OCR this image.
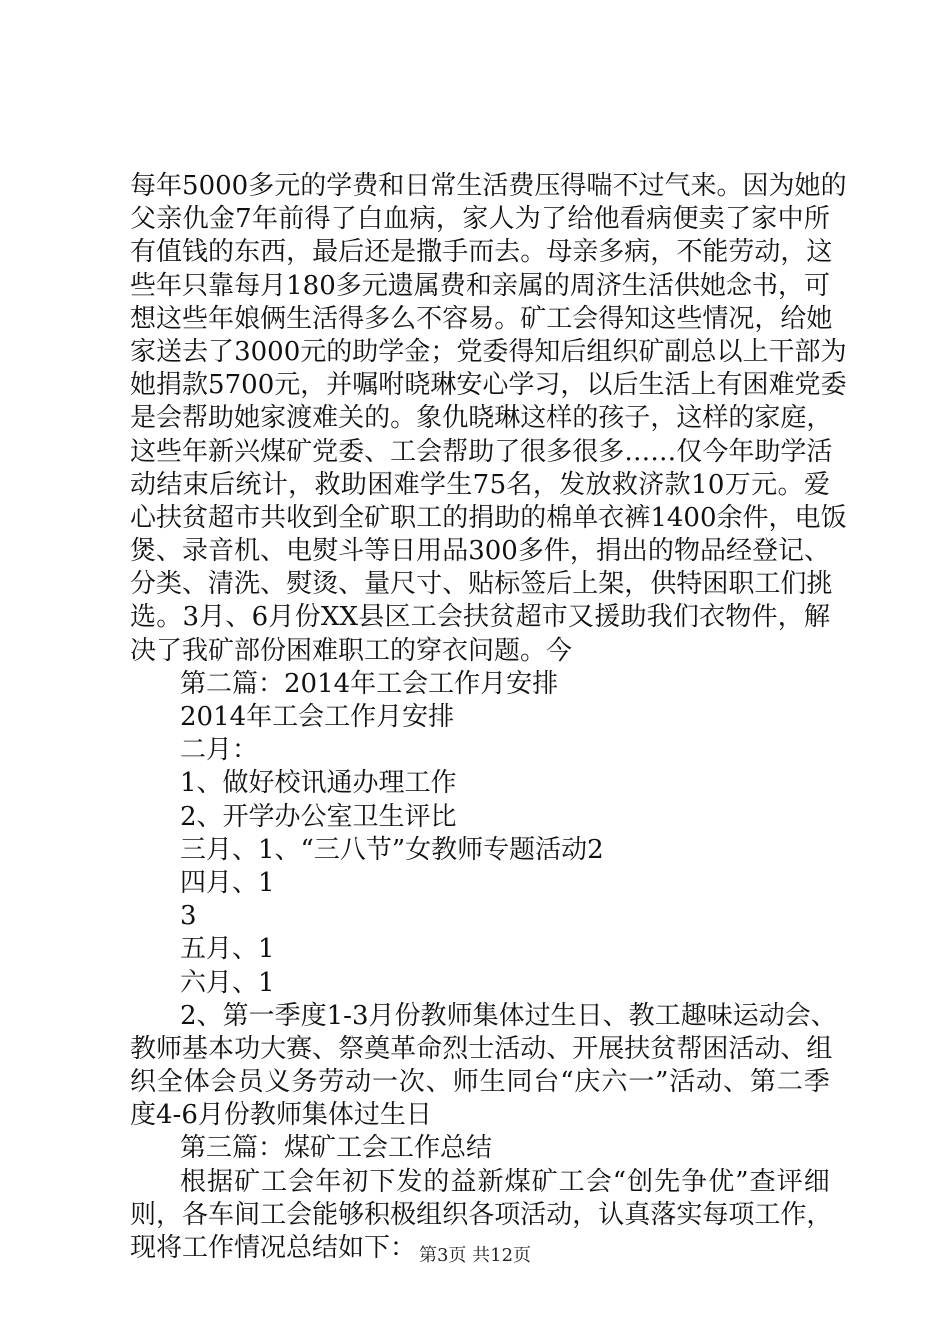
每 年 5 0 0 0 多 元 的 学 费 和 日 常 生 活 费 压 得 喘 不 过 气 来 。 因 为 她 的
父 亲 仇 金 7 年 前 得 了 白 血 病 ， 家 人 为 了 给 他 看 病 便 卖 了 家 中 所
有 值 钱 的 东 西 ， 最 后 还 是 撒 手 而 去 。 母 亲 多 病 ， 不 能 劳 动 ， 这
些 年 只 靠 每 月 1 8 0 多 元 遗 属 费 和 亲 属 的 周 济 生 活 供 她 念 书 ， 可
想 这 些 年 娘 俩 生 活 得 多 么 不 容 易 。 矿 工 会 得 知 这 些 情 况 ， 给 她
家 送 去 了 3 0 0 0 元 的 助 学 金 ； 党 委 得 知 后 组 织 矿 副 总 以 上 干 部 为
她 捐 款 5 7 0 0 元 ， 并 嘱 咐 晓 琳 安 心 学 习 ， 以 后 生 活 上 有 困 难 党 委
是 会 帮 助 她 家 渡 难 关 的 。 象 仇 晓 琳 这 样 的 孩 子 ， 这 样 的 家 庭 ，
这 些 年 新 兴 煤 矿 党 委 、 工 会 帮 助 了 很 多 很 多 … … 仅 今 年 助 学 活
动 结 束 后 统 计 ， 救 助 困 难 学 生 7 5 名 ， 发 放 救 济 款 1 0 万 元 。 爱
心 扶 贫 超 市 共 收 到 全 矿 职 工 的 捐 助 的 棉 单 衣 裤 1 4 0 0 余 件 ， 电 饭
煲 、 录 音 机 、 电 熨 斗 等 日 用 品 3 0 0 多 件 ， 捐 出 的 物 品 经 登 记 、
分 类 、 清 洗 、 熨 烫 、 量 尺 寸 、 贴 标 签 后 上 架 ， 供 特 困 职 工 们 挑
选 。 3 月 、 6 月 份 X X 县 区 工 会 扶 贫 超 市 又 援 助 我 们 衣 物 件 ， 解
决了我矿部份困难职工的穿衣问题。今
第二篇：2014年工会工作月安排
2014年工会工作月安排
二月：
1、做好校讯通办理工作
2、开学办公室卫生评比
三月、1、“三八节”女教师专题活动2
四月、1
3
五月、1
六月、1
2 、 第 一 季 度 1 - 3 月 份 教 师 集 体 过 生 日 、 教 工 趣 味 运 动 会 、
教 师 基 本 功 大 赛 、 祭 奠 革 命 烈 士 活 动 、 开 展 扶 贫 帮 困 活 动 、 组
织 全 体 会 员 义 务 劳 动 一 次 、 师 生 同 台 “ 庆 六 一 ” 活 动 、 第 二 季
度4-6月份教师集体过生日
第三篇：煤矿工会工作总结
根 据 矿 工 会 年 初 下 发 的 益 新 煤 矿 工 会 “ 创 先 争 优 ” 查 评 细
则 ， 各 车 间 工 会 能 够 积 极 组 织 各 项 活 动 ， 认 真 落 实 每 项 工 作 ，
现将工作情况总结如下： 第3页 共12页
